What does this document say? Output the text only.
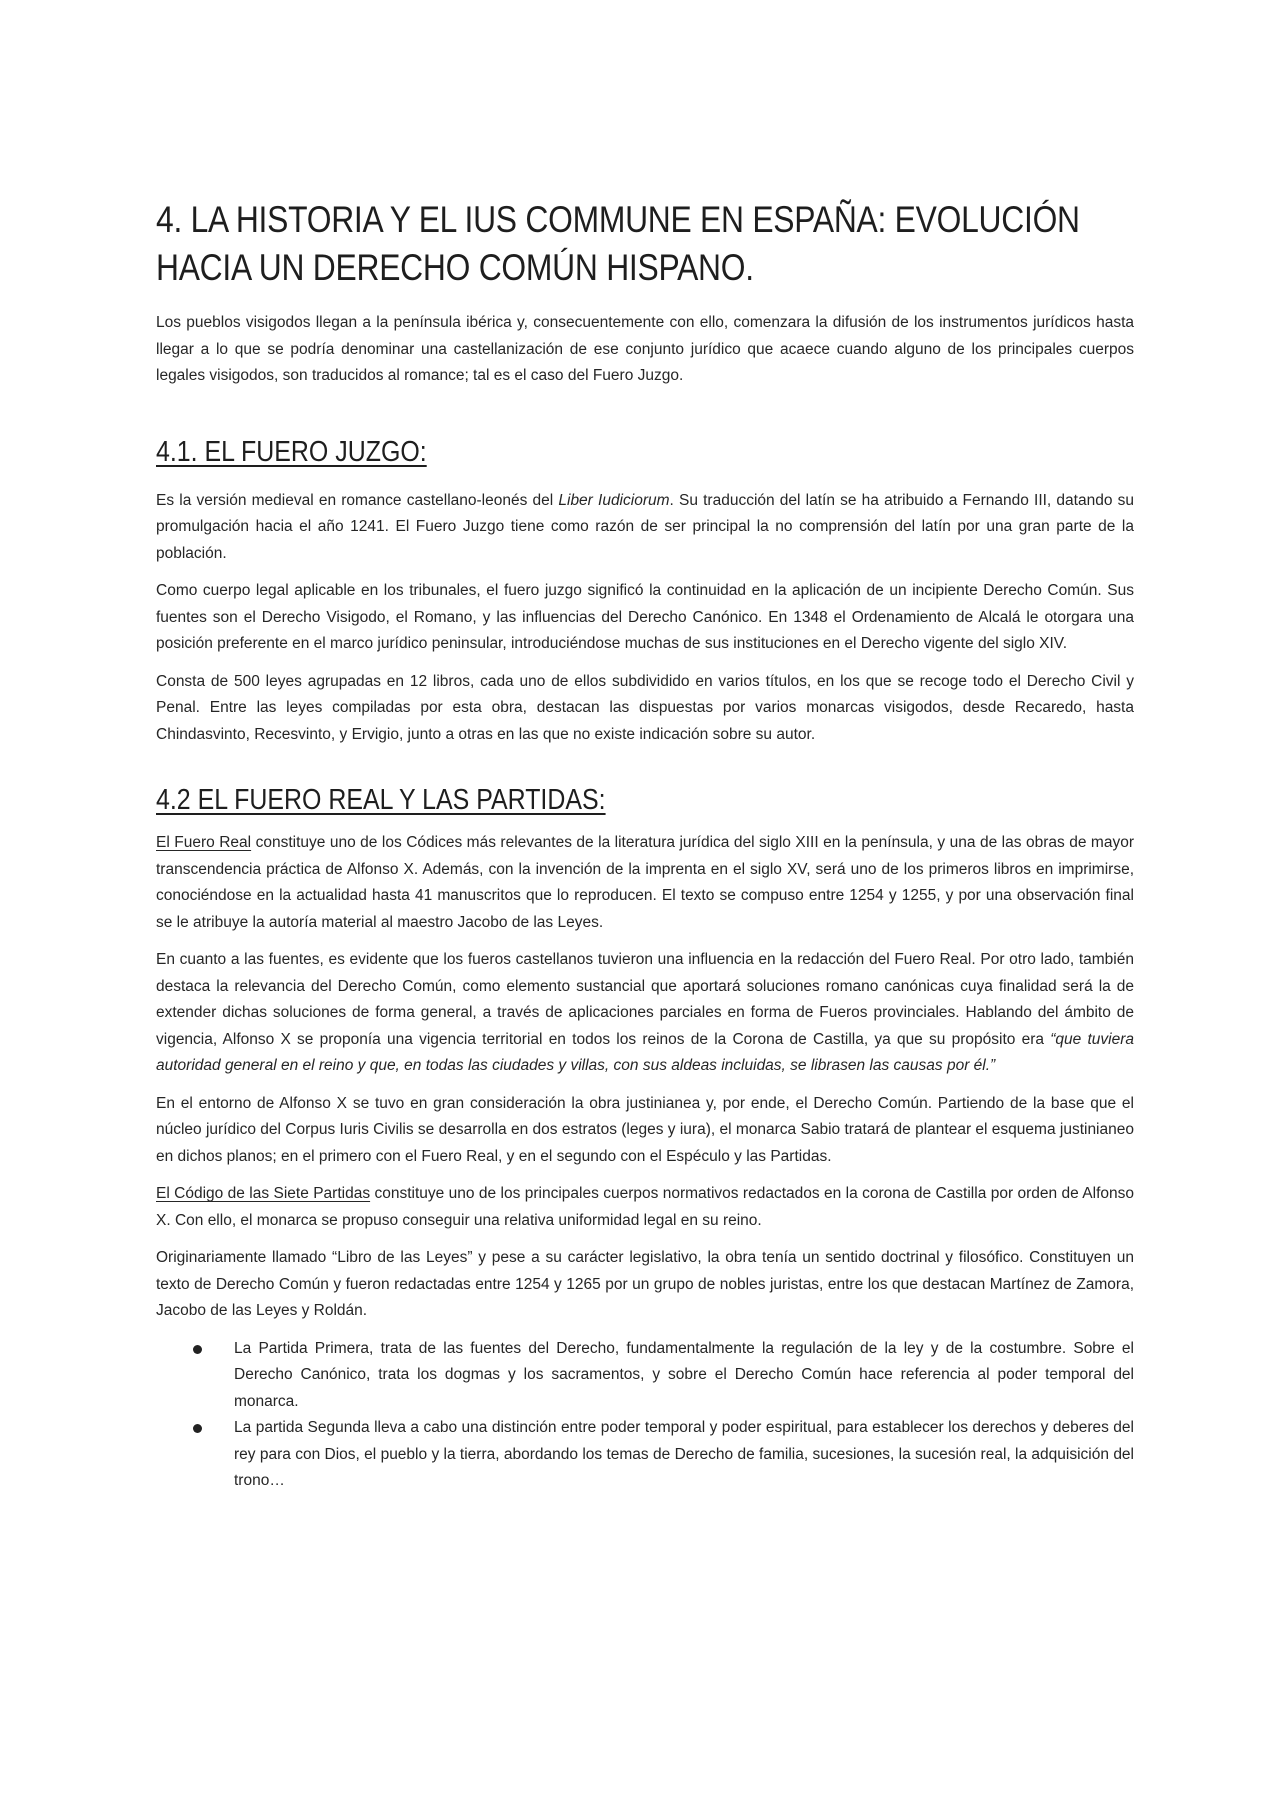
4. LA HISTORIA Y EL IUS COMMUNE EN ESPAÑA: EVOLUCIÓN HACIA UN DERECHO COMÚN HISPANO.

Los pueblos visigodos llegan a la península ibérica y, consecuentemente con ello, comenzara la difusión de los instrumentos jurídicos hasta llegar a lo que se podría denominar una castellanización de ese conjunto jurídico que acaece cuando alguno de los principales cuerpos legales visigodos, son traducidos al romance; tal es el caso del Fuero Juzgo.

4.1. EL FUERO JUZGO:

Es la versión medieval en romance castellano-leonés del Liber Iudiciorum. Su traducción del latín se ha atribuido a Fernando III, datando su promulgación hacia el año 1241. El Fuero Juzgo tiene como razón de ser principal la no comprensión del latín por una gran parte de la población.

Como cuerpo legal aplicable en los tribunales, el fuero juzgo significó la continuidad en la aplicación de un incipiente Derecho Común. Sus fuentes son el Derecho Visigodo, el Romano, y las influencias del Derecho Canónico. En 1348 el Ordenamiento de Alcalá le otorgara una posición preferente en el marco jurídico peninsular, introduciéndose muchas de sus instituciones en el Derecho vigente del siglo XIV.

Consta de 500 leyes agrupadas en 12 libros, cada uno de ellos subdividido en varios títulos, en los que se recoge todo el Derecho Civil y Penal. Entre las leyes compiladas por esta obra, destacan las dispuestas por varios monarcas visigodos, desde Recaredo, hasta Chindasvinto, Recesvinto, y Ervigio, junto a otras en las que no existe indicación sobre su autor.

4.2 EL FUERO REAL Y LAS PARTIDAS:

El Fuero Real constituye uno de los Códices más relevantes de la literatura jurídica del siglo XIII en la península, y una de las obras de mayor transcendencia práctica de Alfonso X. Además, con la invención de la imprenta en el siglo XV, será uno de los primeros libros en imprimirse, conociéndose en la actualidad hasta 41 manuscritos que lo reproducen. El texto se compuso entre 1254 y 1255, y por una observación final se le atribuye la autoría material al maestro Jacobo de las Leyes.

En cuanto a las fuentes, es evidente que los fueros castellanos tuvieron una influencia en la redacción del Fuero Real. Por otro lado, también destaca la relevancia del Derecho Común, como elemento sustancial que aportará soluciones romano canónicas cuya finalidad será la de extender dichas soluciones de forma general, a través de aplicaciones parciales en forma de Fueros provinciales. Hablando del ámbito de vigencia, Alfonso X se proponía una vigencia territorial en todos los reinos de la Corona de Castilla, ya que su propósito era “que tuviera autoridad general en el reino y que, en todas las ciudades y villas, con sus aldeas incluidas, se librasen las causas por él.”

En el entorno de Alfonso X se tuvo en gran consideración la obra justinianea y, por ende, el Derecho Común. Partiendo de la base que el núcleo jurídico del Corpus Iuris Civilis se desarrolla en dos estratos (leges y iura), el monarca Sabio tratará de plantear el esquema justinianeo en dichos planos; en el primero con el Fuero Real, y en el segundo con el Espéculo y las Partidas.

El Código de las Siete Partidas constituye uno de los principales cuerpos normativos redactados en la corona de Castilla por orden de Alfonso X. Con ello, el monarca se propuso conseguir una relativa uniformidad legal en su reino.

Originariamente llamado “Libro de las Leyes” y pese a su carácter legislativo, la obra tenía un sentido doctrinal y filosófico. Constituyen un texto de Derecho Común y fueron redactadas entre 1254 y 1265 por un grupo de nobles juristas, entre los que destacan Martínez de Zamora, Jacobo de las Leyes y Roldán.

La Partida Primera, trata de las fuentes del Derecho, fundamentalmente la regulación de la ley y de la costumbre. Sobre el Derecho Canónico, trata los dogmas y los sacramentos, y sobre el Derecho Común hace referencia al poder temporal del monarca.
La partida Segunda lleva a cabo una distinción entre poder temporal y poder espiritual, para establecer los derechos y deberes del rey para con Dios, el pueblo y la tierra, abordando los temas de Derecho de familia, sucesiones, la sucesión real, la adquisición del trono…
